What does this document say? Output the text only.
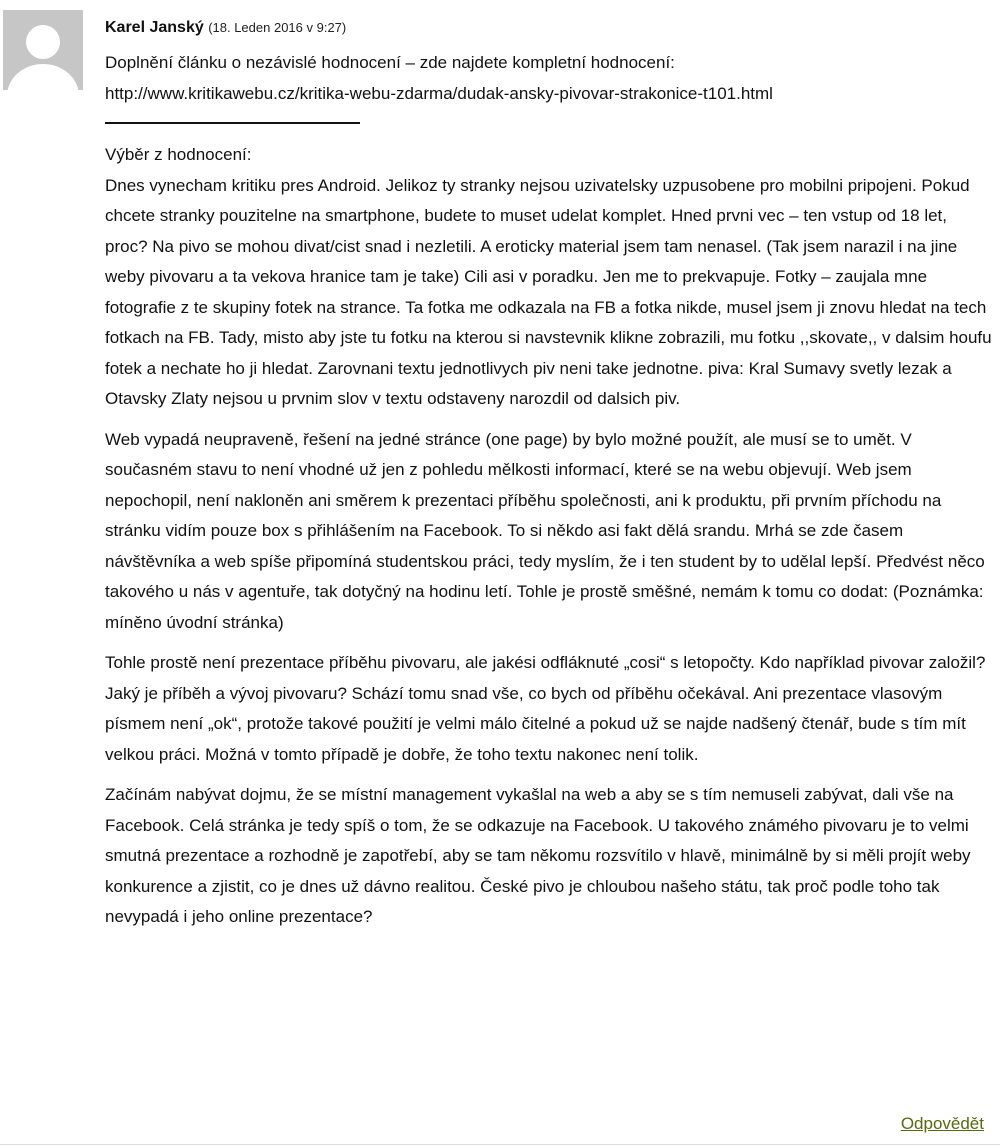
Karel Janský (18. Leden 2016 v 9:27)

Doplnění článku o nezávislé hodnocení – zde najdete kompletní hodnocení:

http://www.kritikawebu.cz/kritika-webu-zdarma/dudak-ansky-pivovar-strakonice-t101.html

Výběr z hodnocení:
Dnes vynecham kritiku pres Android. Jelikoz ty stranky nejsou uzivatelsky uzpusobene pro mobilni pripojeni. Pokud chcete stranky pouzitelne na smartphone, budete to muset udelat komplet. Hned prvni vec – ten vstup od 18 let, proc? Na pivo se mohou divat/cist snad i nezletili. A eroticky material jsem tam nenasel. (Tak jsem narazil i na jine weby pivovaru a ta vekova hranice tam je take) Cili asi v poradku. Jen me to prekvapuje. Fotky – zaujala mne fotografie z te skupiny fotek na strance. Ta fotka me odkazala na FB a fotka nikde, musel jsem ji znovu hledat na tech fotkach na FB. Tady, misto aby jste tu fotku na kterou si navstevnik klikne zobrazili, mu fotku ,,skovate,, v dalsim houfu fotek a nechate ho ji hledat. Zarovnani textu jednotlivych piv neni take jednotne. piva: Kral Sumavy svetly lezak a Otavsky Zlaty nejsou u prvnim slov v textu odstaveny narozdil od dalsich piv.

Web vypadá neupraveně, řešení na jedné stránce (one page) by bylo možné použít, ale musí se to umět. V současném stavu to není vhodné už jen z pohledu mělkosti informací, které se na webu objevují. Web jsem nepochopil, není nakloněn ani směrem k prezentaci příběhu společnosti, ani k produktu, při prvním příchodu na stránku vidím pouze box s přihlášením na Facebook. To si někdo asi fakt dělá srandu. Mrhá se zde časem návštěvníka a web spíše připomíná studentskou práci, tedy myslím, že i ten student by to udělal lepší. Předvést něco takového u nás v agentuře, tak dotyčný na hodinu letí. Tohle je prostě směšné, nemám k tomu co dodat: (Poznámka: míněno úvodní stránka)

Tohle prostě není prezentace příběhu pivovaru, ale jakési odfláknuté „cosi“ s letopočty. Kdo například pivovar založil? Jaký je příběh a vývoj pivovaru? Schází tomu snad vše, co bych od příběhu očekával. Ani prezentace vlasovým písmem není „ok“, protože takové použití je velmi málo čitelné a pokud už se najde nadšený čtenář, bude s tím mít velkou práci. Možná v tomto případě je dobře, že toho textu nakonec není tolik.

Začínám nabývat dojmu, že se místní management vykašlal na web a aby se s tím nemuseli zabývat, dali vše na Facebook. Celá stránka je tedy spíš o tom, že se odkazuje na Facebook. U takového známého pivovaru je to velmi smutná prezentace a rozhodně je zapotřebí, aby se tam někomu rozsvítilo v hlavě, minimálně by si měli projít weby konkurence a zjistit, co je dnes už dávno realitou. České pivo je chloubou našeho státu, tak proč podle toho tak nevypadá i jeho online prezentace?

Odpovědět
